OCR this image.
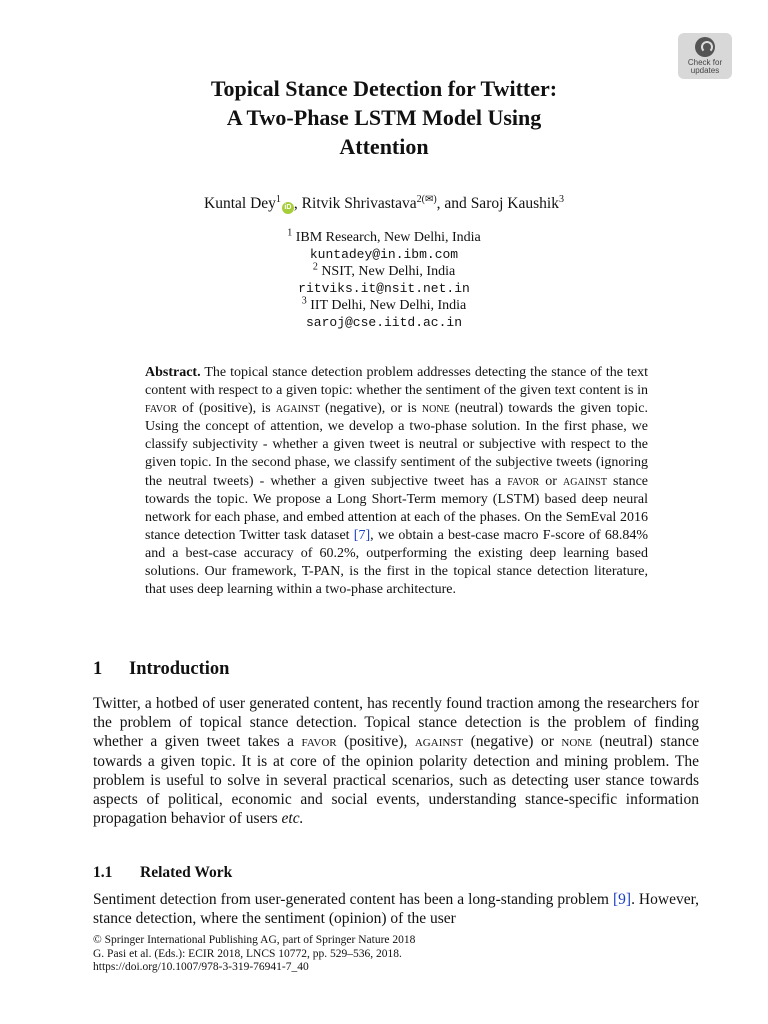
Check for
updates
Topical Stance Detection for Twitter:
A Two-Phase LSTM Model Using
Attention
Kuntal Dey$^1$iD , Ritvik Shrivastava$^{2(✉)}$, and Saroj Kaushik$^3$
$^1$ IBM Research, New Delhi, India
kuntadey@in.ibm.com
$^2$ NSIT, New Delhi, India
ritviks.it@nsit.net.in
$^3$ IIT Delhi, New Delhi, India
saroj@cse.iitd.ac.in
Abstract. The topical stance detection problem addresses detecting the stance of the text content with respect to a given topic: whether the sentiment of the given text content is in favor of (positive), is against (negative), or is none (neutral) towards the given topic. Using the concept of attention, we develop a two-phase solution. In the first phase, we classify subjectivity - whether a given tweet is neutral or subjective with respect to the given topic. In the second phase, we classify sentiment of the subjective tweets (ignoring the neutral tweets) - whether a given subjective tweet has a favor or against stance towards the topic. We propose a Long Short-Term memory (LSTM) based deep neural network for each phase, and embed attention at each of the phases. On the SemEval 2016 stance detection Twitter task dataset [7], we obtain a best-case macro F-score of 68.84% and a best-case accuracy of 60.2%, outperforming the existing deep learning based solutions. Our framework, T-PAN, is the first in the topical stance detection literature, that uses deep learning within a two-phase architecture.
1 Introduction
Twitter, a hotbed of user generated content, has recently found traction among the researchers for the problem of topical stance detection. Topical stance detection is the problem of finding whether a given tweet takes a favor (positive), against (negative) or none (neutral) stance towards a given topic. It is at core of the opinion polarity detection and mining problem. The problem is useful to solve in several practical scenarios, such as detecting user stance towards aspects of political, economic and social events, understanding stance-specific information propagation behavior of users etc.
1.1 Related Work
Sentiment detection from user-generated content has been a long-standing problem [9]. However, stance detection, where the sentiment (opinion) of the user
© Springer International Publishing AG, part of Springer Nature 2018
G. Pasi et al. (Eds.): ECIR 2018, LNCS 10772, pp. 529–536, 2018.
https://doi.org/10.1007/978-3-319-76941-7_40
